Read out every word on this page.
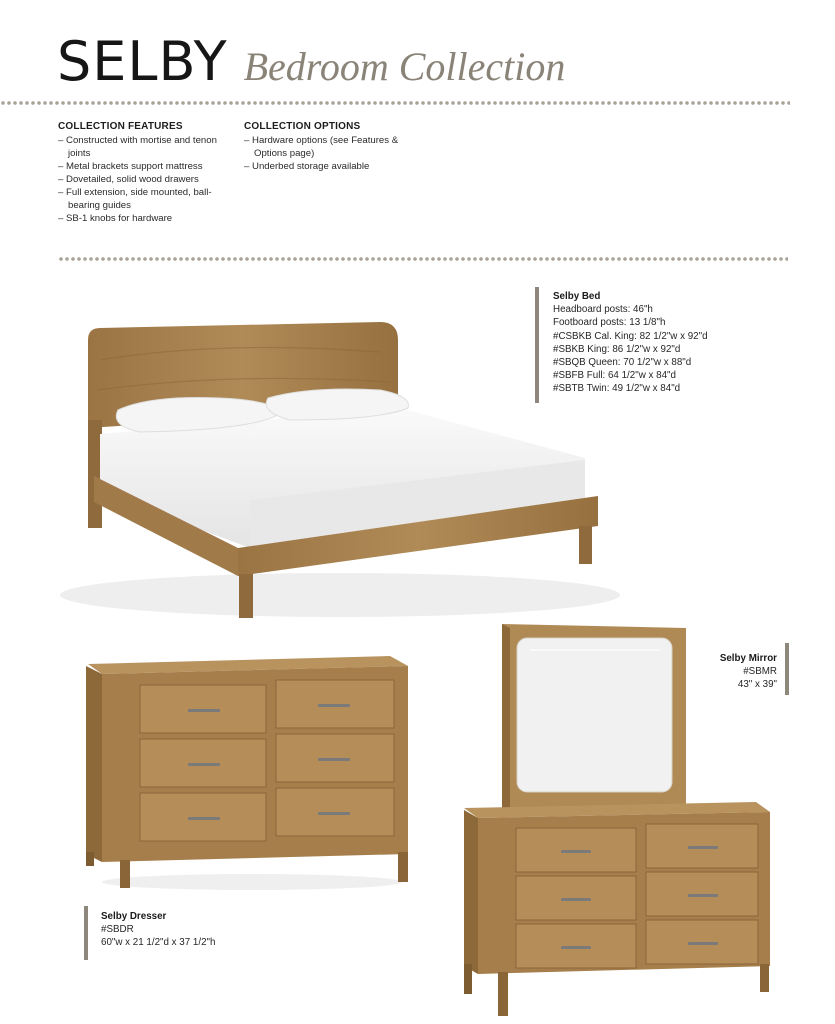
SELBY Bedroom Collection
COLLECTION FEATURES
– Constructed with mortise and tenon joints
– Metal brackets support mattress
– Dovetailed, solid wood drawers
– Full extension, side mounted, ball-bearing guides
– SB-1 knobs for hardware
COLLECTION OPTIONS
– Hardware options (see Features & Options page)
– Underbed storage available
Selby Bed
Headboard posts: 46"h
Footboard posts: 13 1/8"h
#CSBKB Cal. King: 82 1/2"w x 92"d
#SBKB King: 86 1/2"w x 92"d
#SBQB Queen: 70 1/2"w x 88"d
#SBFB Full: 64 1/2"w x 84"d
#SBTB Twin: 49 1/2"w x 84"d
Selby Mirror
#SBMR
43" x 39"
Selby Dresser
#SBDR
60"w x 21 1/2"d x 37 1/2"h
